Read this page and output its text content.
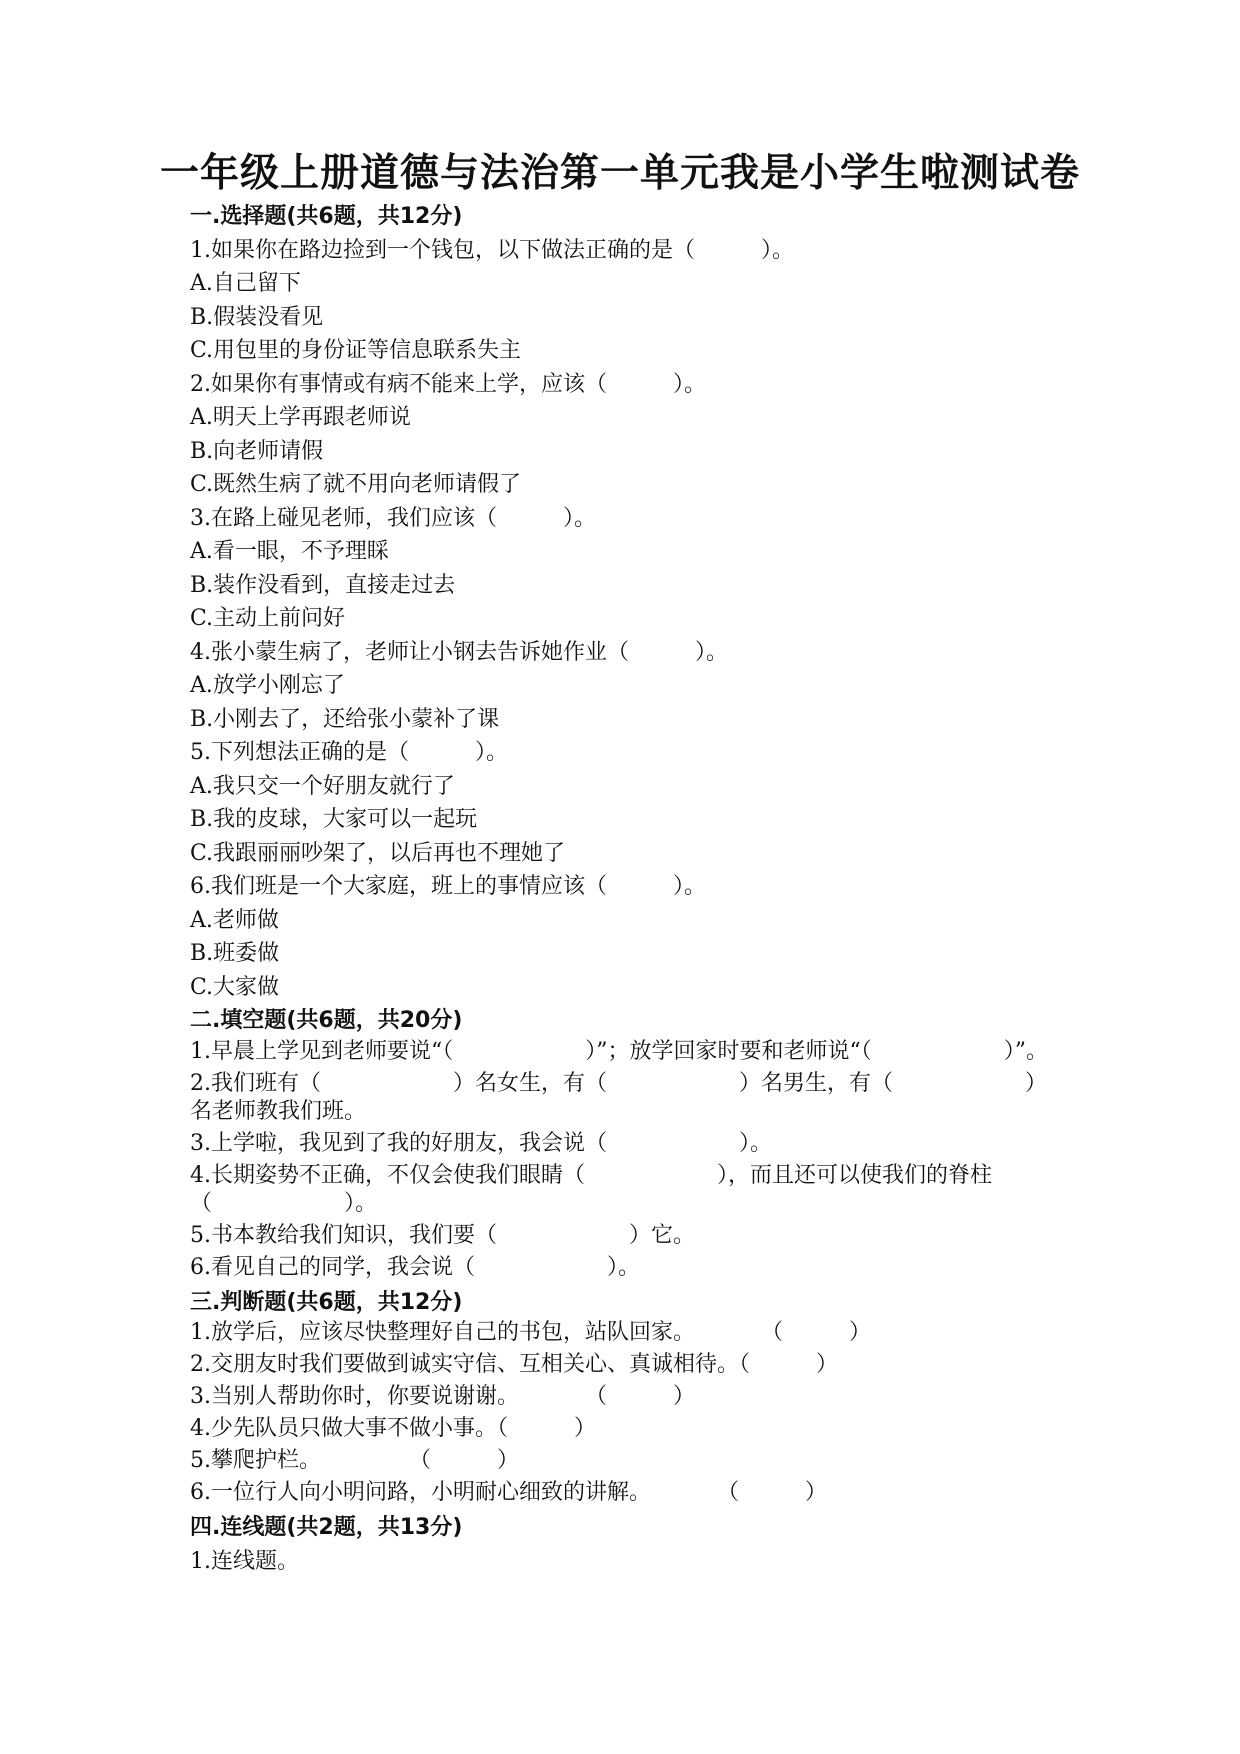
一年级上册道德与法治第一单元我是小学生啦测试卷
一.选择题(共6题，共12分)
1.如果你在路边捡到一个钱包，以下做法正确的是（　　　）。
A.自己留下
B.假装没看见
C.用包里的身份证等信息联系失主
2.如果你有事情或有病不能来上学，应该（　　　）。
A.明天上学再跟老师说
B.向老师请假
C.既然生病了就不用向老师请假了
3.在路上碰见老师，我们应该（　　　）。
A.看一眼，不予理睬
B.装作没看到，直接走过去
C.主动上前问好
4.张小蒙生病了，老师让小钢去告诉她作业（　　　）。
A.放学小刚忘了
B.小刚去了，还给张小蒙补了课
5.下列想法正确的是（　　　）。
A.我只交一个好朋友就行了
B.我的皮球，大家可以一起玩
C.我跟丽丽吵架了，以后再也不理她了
6.我们班是一个大家庭，班上的事情应该（　　　）。
A.老师做
B.班委做
C.大家做
二.填空题(共6题，共20分)
1.早晨上学见到老师要说“（　　　　　　）”；放学回家时要和老师说“（　　　　　　）”。
2.我们班有（　　　　　　）名女生，有（　　　　　　）名男生，有（　　　　　　）名老师教我们班。
3.上学啦，我见到了我的好朋友，我会说（　　　　　　）。
4.长期姿势不正确，不仅会使我们眼睛（　　　　　　），而且还可以使我们的脊柱（　　　　　　）。
5.书本教给我们知识，我们要（　　　　　　）它。
6.看见自己的同学，我会说（　　　　　　）。
三.判断题(共6题，共12分)
1.放学后，应该尽快整理好自己的书包，站队回家。　　　　（　　　）
2.交朋友时我们要做到诚实守信、互相关心、真诚相待。（　　　）
3.当别人帮助你时，你要说谢谢。　　　　（　　　）
4.少先队员只做大事不做小事。（　　　）
5.攀爬护栏。　　　　　（　　　）
6.一位行人向小明问路，小明耐心细致的讲解。　　　　（　　　）
四.连线题(共2题，共13分)
1.连线题。
